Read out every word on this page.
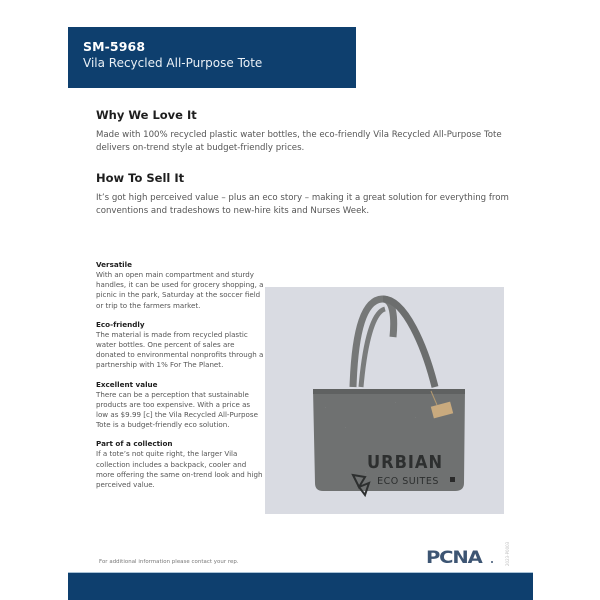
SM-5968
Vila Recycled All-Purpose Tote
Why We Love It

Made with 100% recycled plastic water bottles, the eco-friendly Vila Recycled All-Purpose Tote delivers on-trend style at budget-friendly prices.

How To Sell It

It’s got high perceived value – plus an eco story – making it a great solution for everything from conventions and tradeshows to new-hire kits and Nurses Week.

Versatile

With an open main compartment and sturdy handles, it can be used for grocery shopping, a picnic in the park, Saturday at the soccer field or trip to the farmers market.

Eco-friendly

The material is made from recycled plastic water bottles. One percent of sales are donated to environmental nonprofits through a partnership with 1% For The Planet.

Excellent value

There can be a perception that sustainable products are too expensive. With a price as low as $9.99 [c] the Vila Recycled All-Purpose Tote is a budget-friendly eco solution.

Part of a collection

If a tote’s not quite right, the larger Vila collection includes a backpack, cooler and more offering the same on-trend look and high perceived value.

URBIAN
ECO SUITES
For additional information please contact your rep.	PCNA	2023-P0003
